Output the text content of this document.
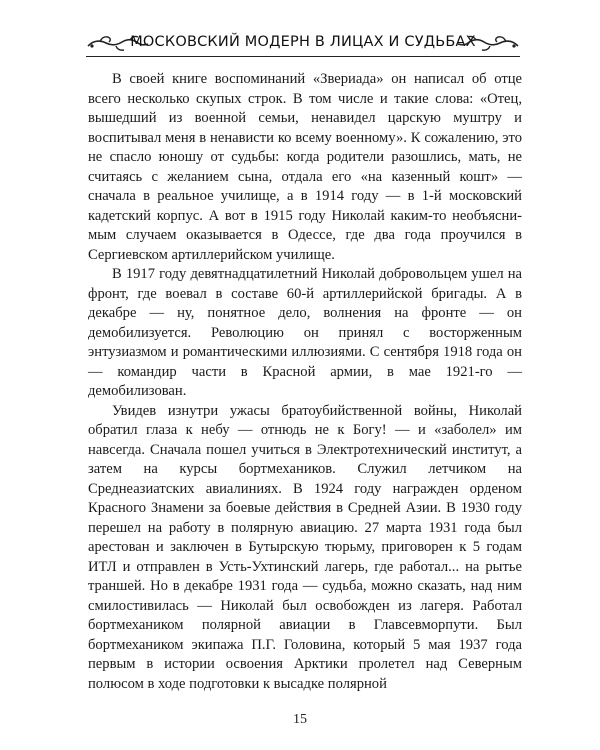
МОСКОВСКИЙ МОДЕРН В ЛИЦАХ И СУДЬБАХ

В своей книге воспоминаний «Звериада» он написал об отце всего несколько скупых строк. В том числе и такие слова: «Отец, вышедший из военной семьи, ненавидел царскую муштру и воспитывал меня в ненависти ко всему военному». К сожалению, это не спасло юношу от судьбы: когда родители разошлись, мать, не считаясь с желанием сына, отдала его «на казенный кошт» — сначала в реальное училище, а в 1914 году — в 1-й московский кадетский корпус. А вот в 1915 году Николай каким-то необъяснимым случаем оказывается в Одессе, где два года проучился в Сергиевском артиллерийском училище.

В 1917 году девятнадцатилетний Николай добровольцем ушел на фронт, где воевал в составе 60-й артиллерийской бригады. А в декабре — ну, понятное дело, волнения на фронте — он демобилизуется. Революцию он принял с восторженным энтузиазмом и романтическими иллюзиями. С сентября 1918 года он — командир части в Красной армии, в мае 1921-го — демобилизован.

Увидев изнутри ужасы братоубийственной войны, Николай обратил глаза к небу — отнюдь не к Богу! — и «заболел» им навсегда. Сначала пошел учиться в Электротехнический институт, а затем на курсы бортмехаников. Служил летчиком на Среднеазиатских авиалиниях. В 1924 году награжден орденом Красного Знамени за боевые действия в Средней Азии. В 1930 году перешел на работу в полярную авиацию. 27 марта 1931 года был арестован и заключен в Бутырскую тюрьму, приговорен к 5 годам ИТЛ и отправлен в Усть-Ухтинский лагерь, где работал... на рытье траншей. Но в декабре 1931 года — судьба, можно сказать, над ним смилостивилась — Николай был освобожден из лагеря. Работал бортмехаником полярной авиации в Главсевморпути. Был бортмехаником экипажа П.Г. Головина, который 5 мая 1937 года первым в истории освоения Арктики пролетел над Северным полюсом в ходе подготовки к высадке полярной

15
